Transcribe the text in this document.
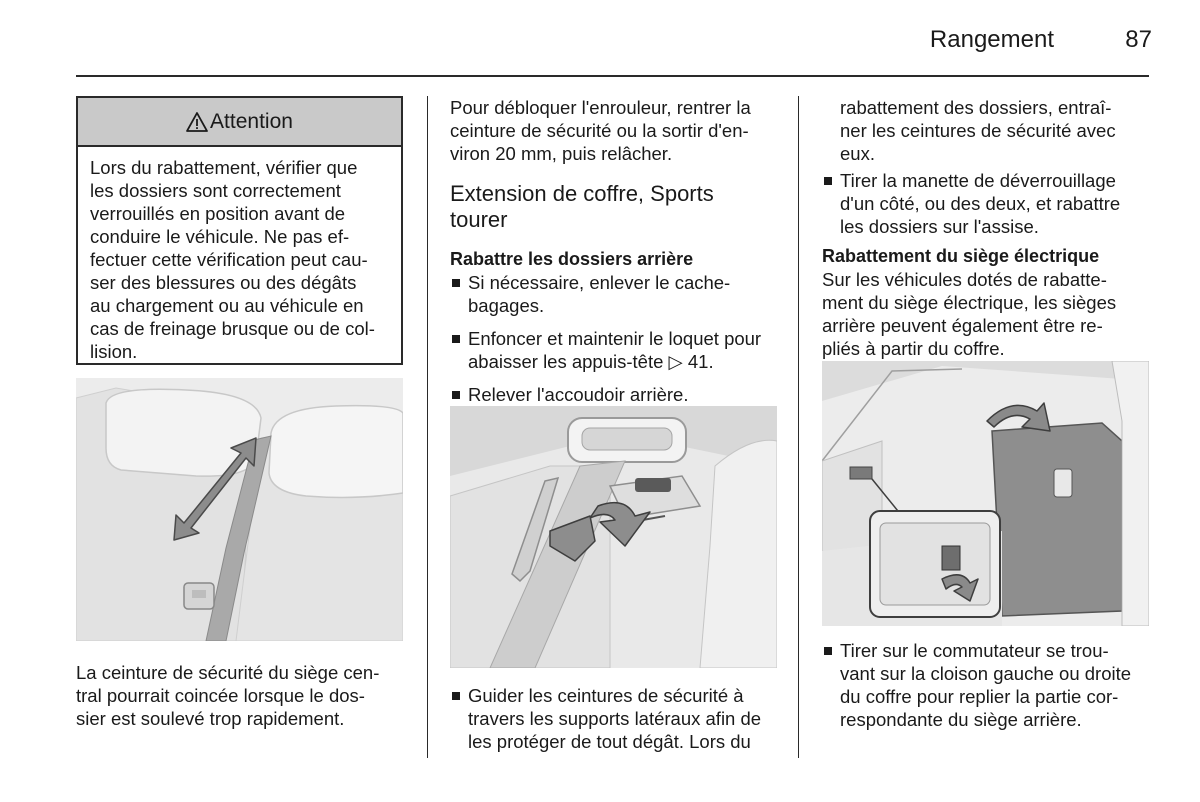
Rangement	87
Attention
Lors du rabattement, vérifier que
les dossiers sont correctement
verrouillés en position avant de
conduire le véhicule. Ne pas ef-
fectuer cette vérification peut cau-
ser des blessures ou des dégâts
au chargement ou au véhicule en
cas de freinage brusque ou de col-
lision.
La ceinture de sécurité du siège cen-
tral pourrait coincée lorsque le dos-
sier est soulevé trop rapidement.
Pour débloquer l'enrouleur, rentrer la
ceinture de sécurité ou la sortir d'en-
viron 20 mm, puis relâcher.
Extension de coffre, Sports
tourer
Rabattre les dossiers arrière
Si nécessaire, enlever le cache-
bagages.
Enfoncer et maintenir le loquet pour
abaisser les appuis-tête ▷ 41.
Relever l'accoudoir arrière.
Guider les ceintures de sécurité à
travers les supports latéraux afin de
les protéger de tout dégât. Lors du
rabattement des dossiers, entraî-
ner les ceintures de sécurité avec
eux.
Tirer la manette de déverrouillage
d'un côté, ou des deux, et rabattre
les dossiers sur l'assise.
Rabattement du siège électrique
Sur les véhicules dotés de rabatte-
ment du siège électrique, les sièges
arrière peuvent également être re-
pliés à partir du coffre.
Tirer sur le commutateur se trou-
vant sur la cloison gauche ou droite
du coffre pour replier la partie cor-
respondante du siège arrière.
